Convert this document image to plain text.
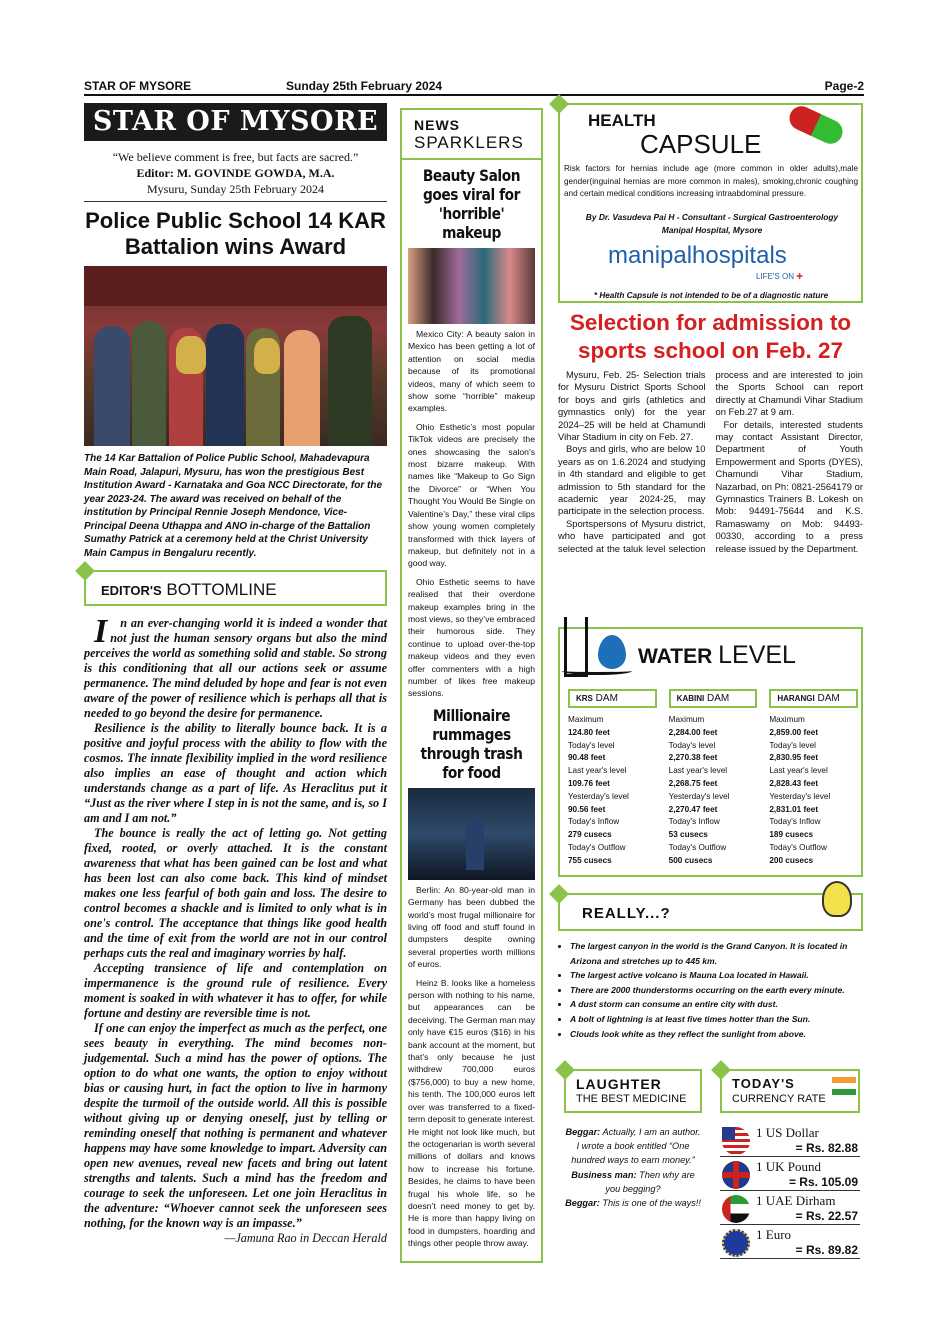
STAR OF MYSORE	Sunday 25th February 2024	Page-2
STAR OF MYSORE
“We believe comment is free, but facts are sacred.”
Editor: M. GOVINDE GOWDA, M.A.
Mysuru, Sunday 25th February 2024
Police Public School 14 KAR Battalion wins Award
The 14 Kar Battalion of Police Public School, Mahadevapura Main Road, Jalapuri, Mysuru, has won the prestigious Best Institution Award - Karnataka and Goa NCC Directorate, for the year 2023-24. The award was received on behalf of the institution by Principal Rennie Joseph Mendonce, Vice-Principal Deena Uthappa and ANO in-charge of the Battalion Sumathy Patrick at a ceremony held at the Christ University Main Campus in Bengaluru recently.
EDITOR'S BOTTOMLINE

I n an ever-changing world it is indeed a wonder that not just the human sensory organs but also the mind perceives the world as something solid and stable. So strong is this conditioning that all our actions seek or assume permanence. The mind deluded by hope and fear is not even aware of the power of resilience which is perhaps all that is needed to go beyond the desire for permanence.

Resilience is the ability to literally bounce back. It is a positive and joyful process with the ability to flow with the cosmos. The innate flexibility implied in the word resilience also implies an ease of thought and action which understands change as a part of life. As Heraclitus put it “Just as the river where I step in is not the same, and is, so I am and I am not.”

The bounce is really the act of letting go. Not getting fixed, rooted, or overly attached. It is the constant awareness that what has been gained can be lost and what has been lost can also come back. This kind of mindset makes one less fearful of both gain and loss. The desire to control becomes a shackle and is limited to only what is in one's control. The acceptance that things like good health and the time of exit from the world are not in our control perhaps cuts the real and imaginary worries by half.

Accepting transience of life and contemplation on impermanence is the ground rule of resilience. Every moment is soaked in with whatever it has to offer, for while fortune and destiny are reversible time is not.

If one can enjoy the imperfect as much as the perfect, one sees beauty in everything. The mind becomes non-judgemental. Such a mind has the power of options. The option to do what one wants, the option to enjoy without bias or causing hurt, in fact the option to live in harmony despite the turmoil of the outside world. All this is possible without giving up or denying oneself, just by telling or reminding oneself that nothing is permanent and whatever happens may have some knowledge to impart. Adversity can open new avenues, reveal new facets and bring out latent strengths and talents. Such a mind has the freedom and courage to seek the unforeseen. Let one join Heraclitus in the adventure: “Whoever cannot seek the unforeseen sees nothing, for the known way is an impasse.”

—Jamuna Rao in Deccan Herald
NEWS
SPARKLERS
Beauty Salon goes viral for 'horrible' makeup

Mexico City: A beauty salon in Mexico has been getting a lot of attention on social media because of its promotional videos, many of which seem to show some “horrible” makeup examples.

Ohio Esthetic’s most popular TikTok videos are precisely the ones showcasing the salon’s most bizarre makeup. With names like “Makeup to Go Sign the Divorce” or “When You Thought You Would Be Single on Valentine’s Day,” these viral clips show young women completely transformed with thick layers of makeup, but definitely not in a good way.

Ohio Esthetic seems to have realised that their overdone makeup examples bring in the most views, so they’ve embraced their humorous side. They continue to upload over-the-top makeup videos and they even offer commenters with a high number of likes free makeup sessions.

Millionaire rummages through trash for food

Berlin: An 80-year-old man in Germany has been dubbed the world’s most frugal millionaire for living off food and stuff found in dumpsters despite owning several properties worth millions of euros.

Heinz B. looks like a homeless person with nothing to his name, but appearances can be deceiving. The German man may only have €15 euros ($16) in his bank account at the moment, but that’s only because he just withdrew 700,000 euros ($756,000) to buy a new home, his tenth. The 100,000 euros left over was transferred to a fixed-term deposit to generate interest. He might not look like much, but the octogenarian is worth several millions of dollars and knows how to increase his fortune. Besides, he claims to have been frugal his whole life, so he doesn’t need money to get by. He is more than happy living on food in dumpsters, hoarding and things other people throw away.

HEALTH
CAPSULE
Risk factors for hernias include age (more common in older adults),male gender(inguinal hernias are more common in males), smoking,chronic coughing and certain medical conditions increasing intraabdominal pressure.
By Dr. Vasudeva Pai H - Consultant - Surgical Gastroenterology Manipal Hospital, Mysore
manipalhospitals
LIFE'S ON ✚
* Health Capsule is not intended to be of a diagnostic nature
Selection for admission to sports school on Feb. 27

Mysuru, Feb. 25- Selection trials for Mysuru District Sports School for boys and girls (athletics and gymnastics only) for the year 2024–25 will be held at Chamundi Vihar Stadium in city on Feb. 27.

Boys and girls, who are below 10 years as on 1.6.2024 and studying in 4th standard and eligible to get admission to 5th standard for the academic year 2024-25, may participate in the selection process.

Sportspersons of Mysuru district, who have participated and got selected at the taluk level selection process and are interested to join the Sports School can report directly at Chamundi Vihar Stadium on Feb.27 at 9 am.

For details, interested students may contact Assistant Director, Department of Youth Empowerment and Sports (DYES), Chamundi Vihar Stadium, Nazarbad, on Ph: 0821-2564179 or Gymnastics Trainers B. Lokesh on Mob: 94491-75644 and K.S. Ramaswamy on Mob: 94493-00330, according to a press release issued by the Department.

WATER LEVEL
KRS DAM
Maximum
124.80 feet
Today's level
90.48 feet
Last year's level
109.76 feet
Yesterday's level
90.56 feet
Today's Inflow
279 cusecs
Today's Outflow
755 cusecs
KABINI DAM
Maximum
2,284.00 feet
Today's level
2,270.38 feet
Last year's level
2,268.75 feet
Yesterday's level
2,270.47 feet
Today's Inflow
53 cusecs
Today's Outflow
500 cusecs
HARANGI DAM
Maximum
2,859.00 feet
Today's level
2,830.95 feet
Last year's level
2,828.43 feet
Yesterday's level
2,831.01 feet
Today's Inflow
189 cusecs
Today's Outflow
200 cusecs
REALLY...?
• The largest canyon in the world is the Grand Canyon. It is located in Arizona and stretches up to 445 km.
• The largest active volcano is Mauna Loa located in Hawaii.
• There are 2000 thunderstorms occurring on the earth every minute.
• A dust storm can consume an entire city with dust.
• A bolt of lightning is at least five times hotter than the Sun.
• Clouds look white as they reflect the sunlight from above.
LAUGHTER
THE BEST MEDICINE
Beggar: Actually, I am an author. I wrote a book entitled “One hundred ways to earn money.”
Business man: Then why are you begging?
Beggar: This is one of the ways!!
TODAY'S
CURRENCY RATE
1 US Dollar
= Rs. 82.88
1 UK Pound
= Rs. 105.09
1 UAE Dirham
= Rs. 22.57
1 Euro
= Rs. 89.82
